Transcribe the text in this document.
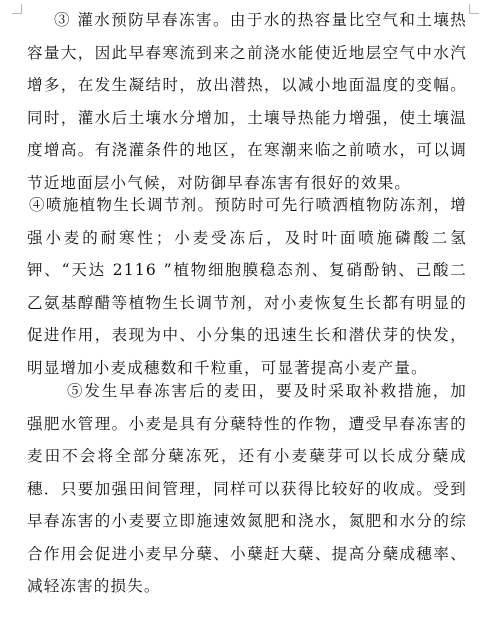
③ 灌水预防早春冻害。由于水的热容量比空气和土壤热容量大，因此早春寒流到来之前浇水能使近地层空气中水汽增多，在发生凝结时，放出潜热，以减小地面温度的变幅。同时，灌水后土壤水分增加，土壤导热能力增强，使土壤温度增高。有浇灌条件的地区，在寒潮来临之前喷水，可以调节近地面层小气候，对防御早春冻害有很好的效果。

④喷施植物生长调节剂。预防时可先行喷洒植物防冻剂，增强小麦的耐寒性；小麦受冻后，及时叶面喷施磷酸二氢钾、“天达 2116 ”植物细胞膜稳态剂、复硝酚钠、己酸二乙氨基醇醋等植物生长调节剂，对小麦恢复生长都有明显的促进作用，表现为中、小分集的迅速生长和潜伏芽的快发，明显增加小麦成穗数和千粒重，可显著提高小麦产量。

⑤发生早春冻害后的麦田，要及时采取补救措施，加强肥水管理。小麦是具有分蘖特性的作物，遭受早春冻害的麦田不会将全部分蘖冻死，还有小麦蘖芽可以长成分蘖成穗．只要加强田间管理，同样可以获得比较好的收成。受到早春冻害的小麦要立即施速效氮肥和浇水，氮肥和水分的综合作用会促进小麦早分蘖、小蘖赶大蘖、提高分蘖成穗率、减轻冻害的损失。
